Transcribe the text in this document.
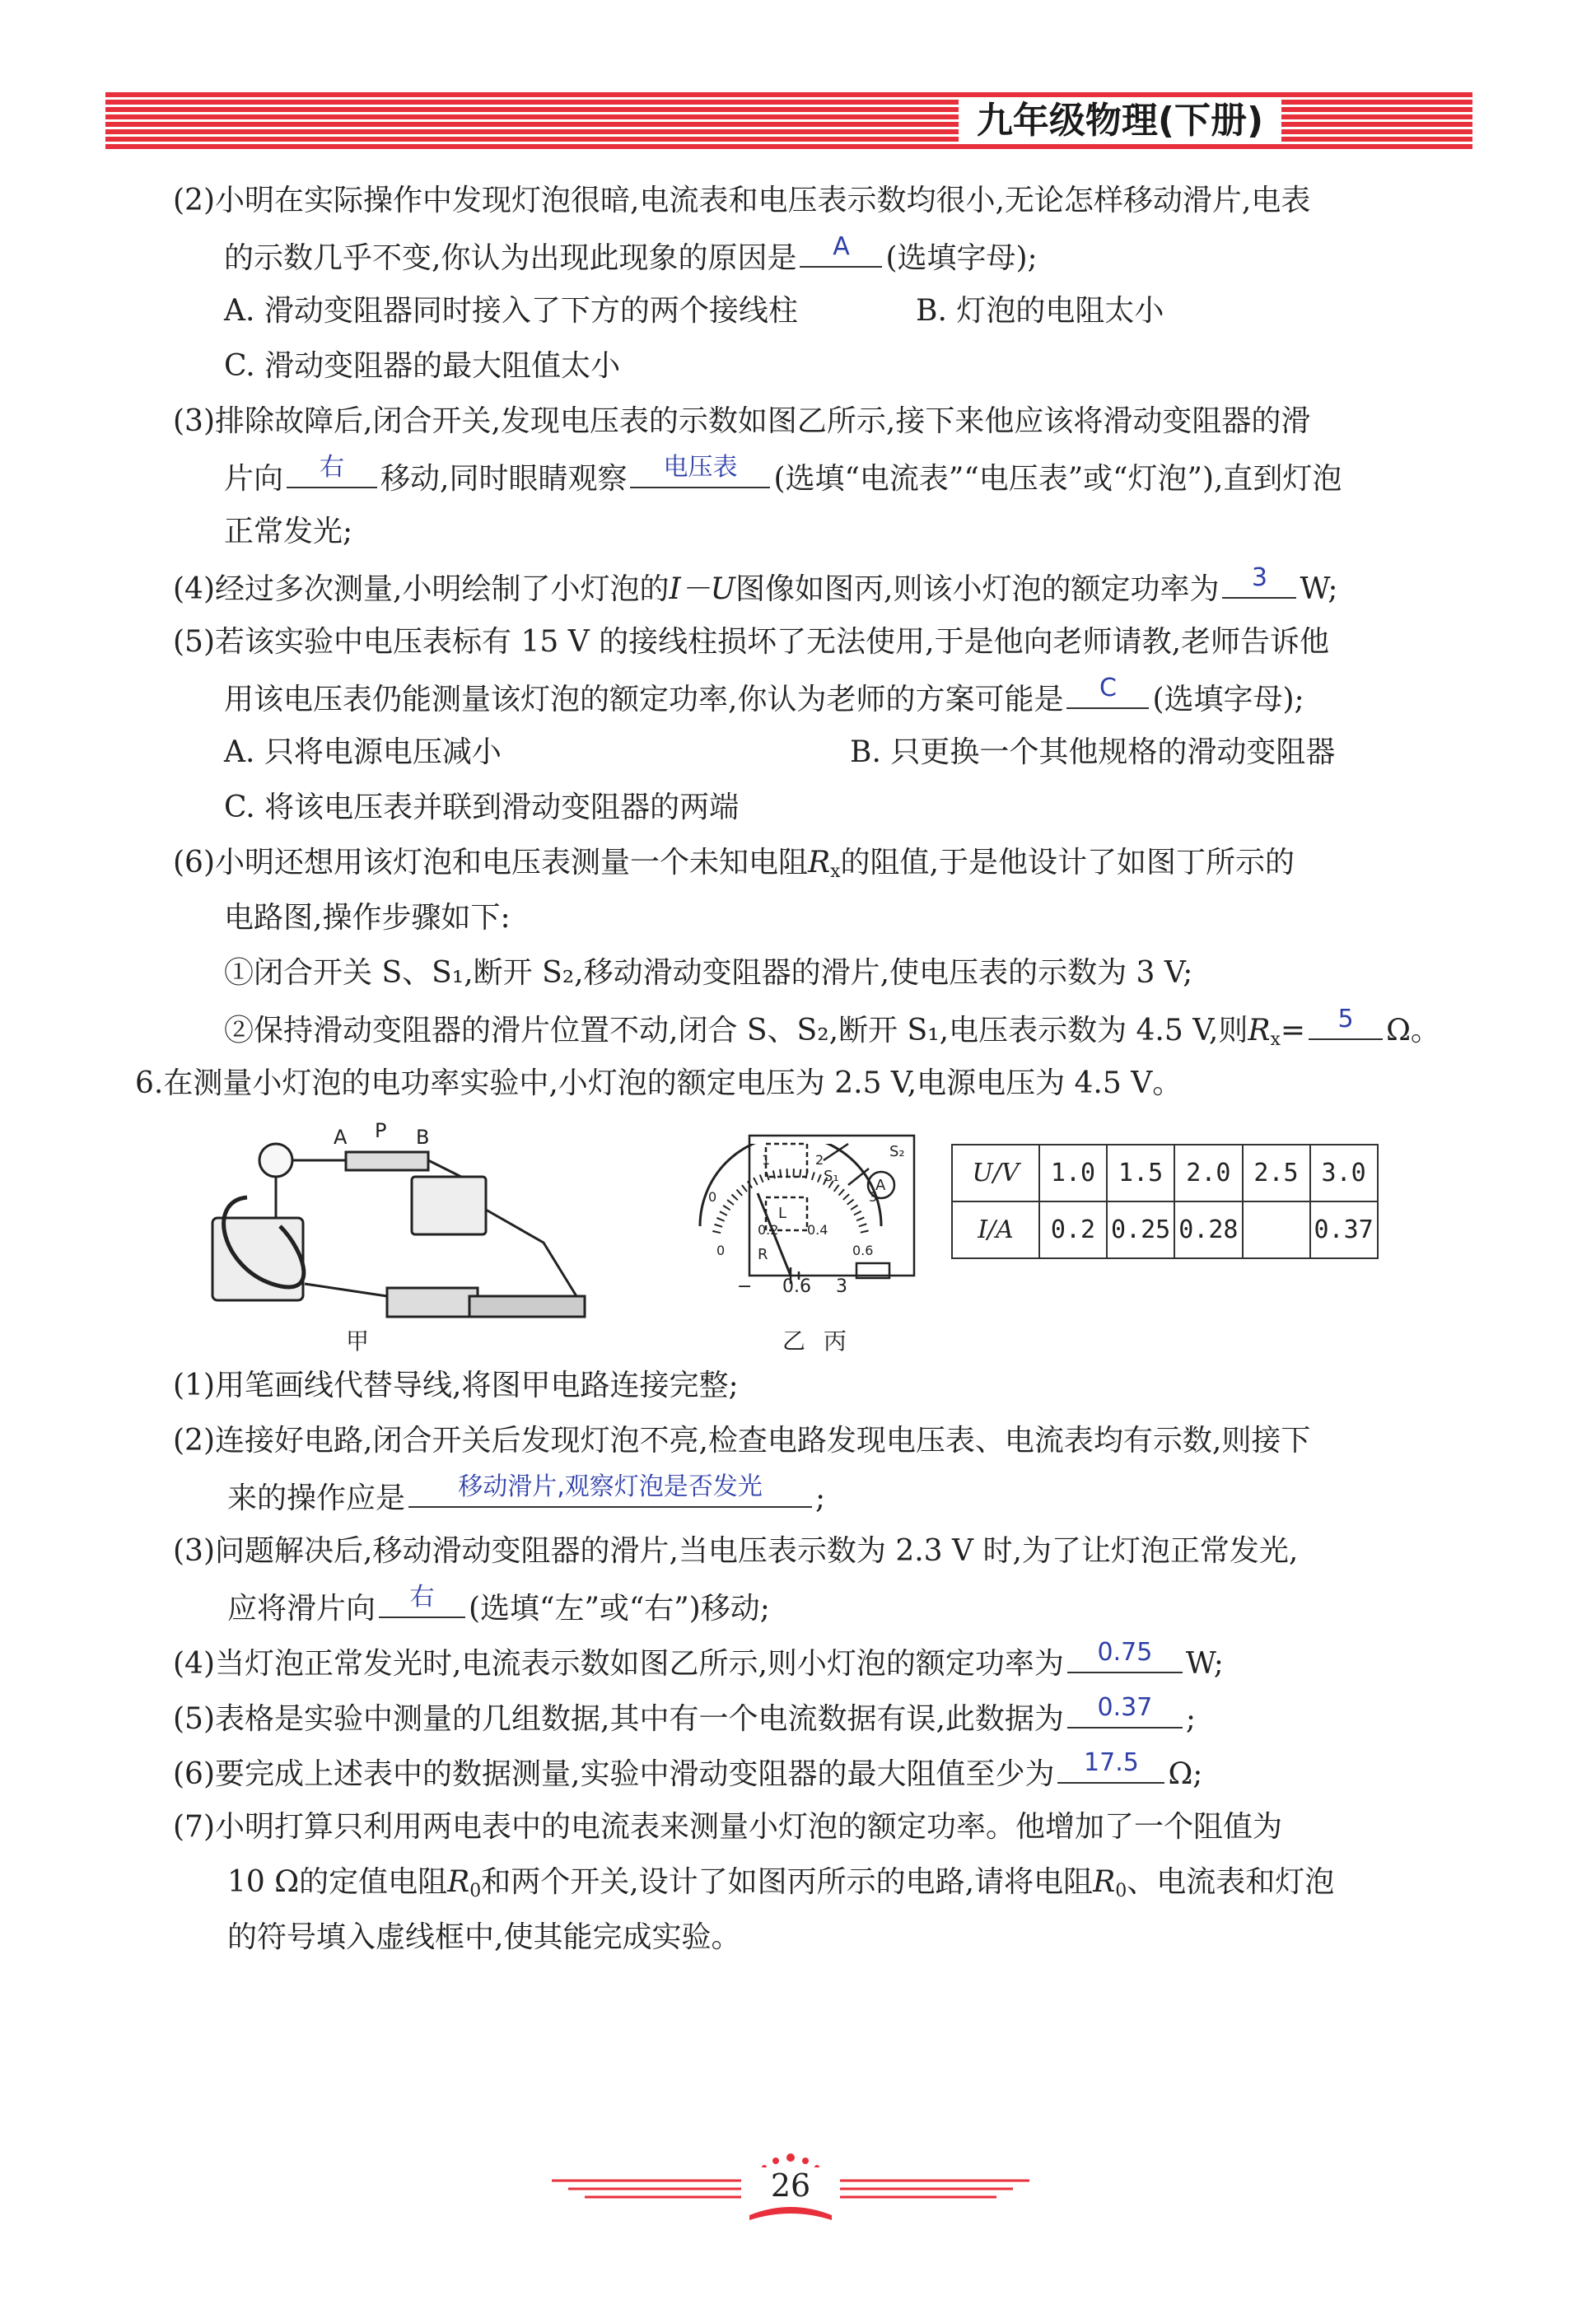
九年级物理(下册)
(2)小明在实际操作中发现灯泡很暗,电流表和电压表示数均很小,无论怎样移动滑片,电表
的示数几乎不变,你认为出现此现象的原因是	A	(选填字母);
A. 滑动变阻器同时接入了下方的两个接线柱	B. 灯泡的电阻太小
C. 滑动变阻器的最大阻值太小
(3)排除故障后,闭合开关,发现电压表的示数如图乙所示,接下来他应该将滑动变阻器的滑
片向	右	移动,同时眼睛观察	电压表	(选填“电流表”“电压表”或“灯泡”),直到灯泡
正常发光;
(4)经过多次测量,小明绘制了小灯泡的I－U图像如图丙,则该小灯泡的额定功率为	3	W;
(5)若该实验中电压表标有 15 V 的接线柱损坏了无法使用,于是他向老师请教,老师告诉他
用该电压表仍能测量该灯泡的额定功率,你认为老师的方案可能是	C	(选填字母);
A. 只将电源电压减小	B. 只更换一个其他规格的滑动变阻器
C. 将该电压表并联到滑动变阻器的两端
(6)小明还想用该灯泡和电压表测量一个未知电阻$R_x$的阻值,于是他设计了如图丁所示的
电路图,操作步骤如下:
①闭合开关 S、S₁,断开 S₂,移动滑动变阻器的滑片,使电压表的示数为 3 V;
②保持滑动变阻器的滑片位置不动,闭合 S、S₂,断开 S₁,电压表示数为 4.5 V,则$R_x=$	5	Ω。
6.在测量小灯泡的电功率实验中,小灯泡的额定电压为 2.5 V,电源电压为 4.5 V。
A P B
甲
0
1	2
3
0
0.2 0.4
0.6
− 0.6 3
乙
S₁
S₂
L
R
A
丙
U/V	1.0	1.5	2.0	2.5	3.0
I/A	0.2	0.25	0.28		0.37
(1)用笔画线代替导线,将图甲电路连接完整;
(2)连接好电路,闭合开关后发现灯泡不亮,检查电路发现电压表、电流表均有示数,则接下
来的操作应是	移动滑片,观察灯泡是否发光	;
(3)问题解决后,移动滑动变阻器的滑片,当电压表示数为 2.3 V 时,为了让灯泡正常发光,
应将滑片向	右	(选填“左”或“右”)移动;
(4)当灯泡正常发光时,电流表示数如图乙所示,则小灯泡的额定功率为	0.75	W;
(5)表格是实验中测量的几组数据,其中有一个电流数据有误,此数据为	0.37	;
(6)要完成上述表中的数据测量,实验中滑动变阻器的最大阻值至少为	17.5 Ω;
(7)小明打算只利用两电表中的电流表来测量小灯泡的额定功率。他增加了一个阻值为
10 Ω的定值电阻$R_0$和两个开关,设计了如图丙所示的电路,请将电阻$R_0$、电流表和灯泡
的符号填入虚线框中,使其能完成实验。
26
